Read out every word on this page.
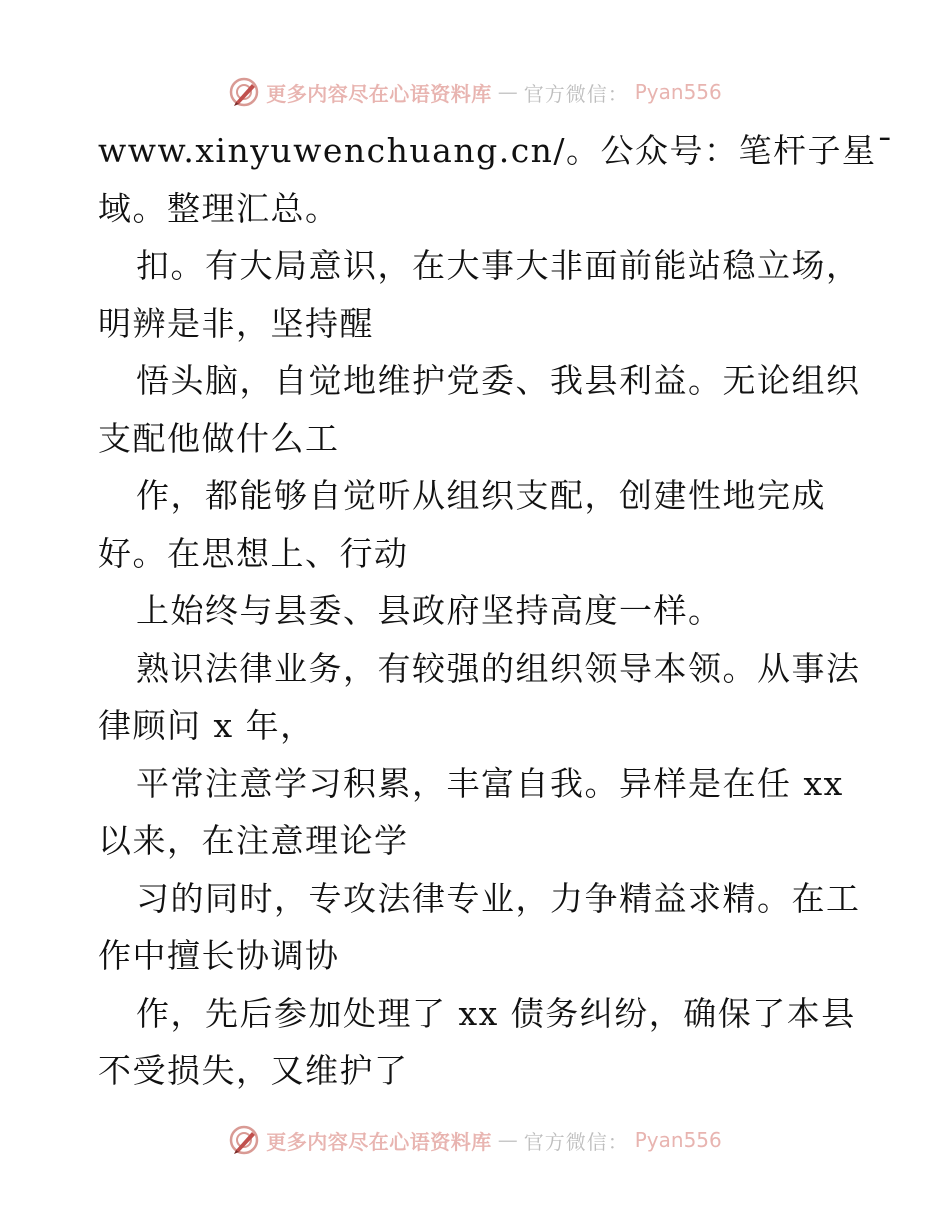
更多内容尽在心语资料库 — 官方微信： Pyan556
www.xinyuwenchuang.cn/。公众号：笔杆子星¯
域。整理汇总。
扣。有大局意识，在大事大非面前能站稳立场，
明辨是非，坚持醒
悟头脑，自觉地维护党委、我县利益。无论组织
支配他做什么工
作，都能够自觉听从组织支配，创建性地完成
好。在思想上、行动
上始终与县委、县政府坚持高度一样。
熟识法律业务，有较强的组织领导本领。从事法
律顾问 x 年，
平常注意学习积累，丰富自我。异样是在任 xx
以来，在注意理论学
习的同时，专攻法律专业，力争精益求精。在工
作中擅长协调协
作，先后参加处理了 xx 债务纠纷，确保了本县
不受损失，又维护了
更多内容尽在心语资料库 — 官方微信： Pyan556
